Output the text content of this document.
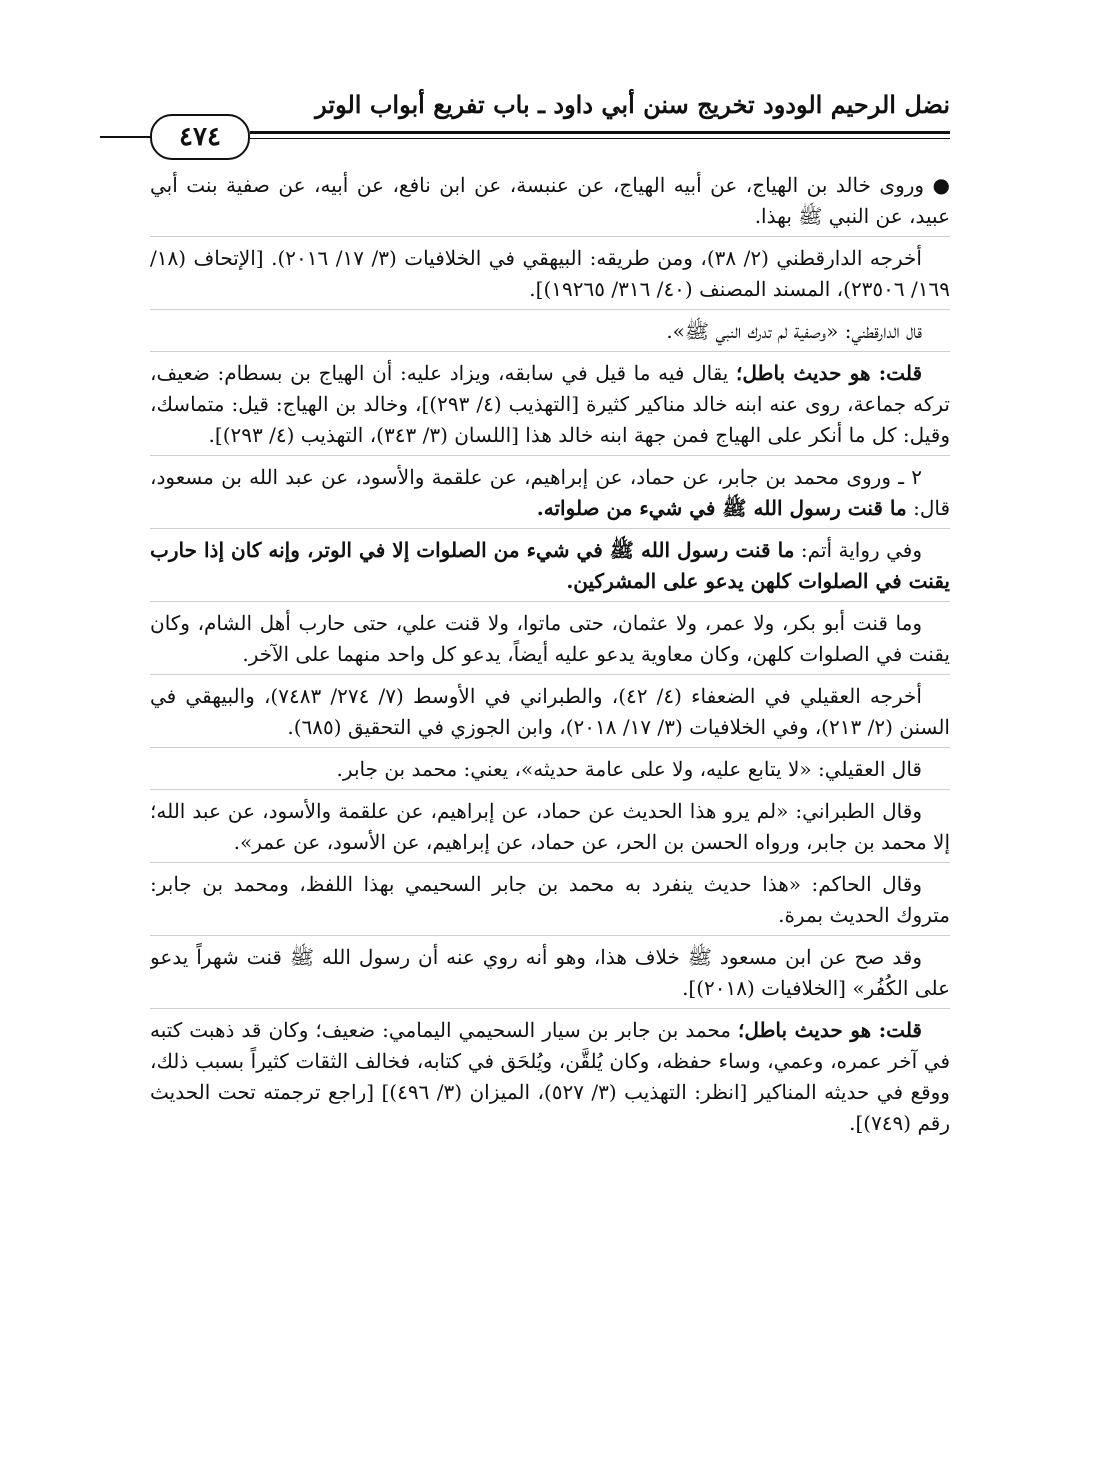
نضل الرحيم الودود تخريج سنن أبي داود ـ باب تفريع أبواب الوتر
٤٧٤

● وروى خالد بن الهياج، عن أبيه الهياج، عن عنبسة، عن ابن نافع، عن أبيه، عن صفية بنت أبي عبيد، عن النبي ﷺ بهذا.

أخرجه الدارقطني (٢/ ٣٨)، ومن طريقه: البيهقي في الخلافيات (٣/ ١٧/ ٢٠١٦). [الإتحاف (١٨/ ١٦٩/ ٢٣٥٠٦)، المسند المصنف (٤٠/ ٣١٦/ ١٩٢٦٥)].

قال الدارقطني: «وصفية لم تدرك النبي ﷺ».

قلت: هو حديث باطل؛ يقال فيه ما قيل في سابقه، ويزاد عليه: أن الهياج بن بسطام: ضعيف، تركه جماعة، روى عنه ابنه خالد مناكير كثيرة [التهذيب (٤/ ٢٩٣)]، وخالد بن الهياج: قيل: متماسك، وقيل: كل ما أنكر على الهياج فمن جهة ابنه خالد هذا [اللسان (٣/ ٣٤٣)، التهذيب (٤/ ٢٩٣)].

٢ ـ وروى محمد بن جابر، عن حماد، عن إبراهيم، عن علقمة والأسود، عن عبد الله بن مسعود، قال: ما قنت رسول الله ﷺ في شيء من صلواته.

وفي رواية أتم: ما قنت رسول الله ﷺ في شيء من الصلوات إلا في الوتر، وإنه كان إذا حارب يقنت في الصلوات كلهن يدعو على المشركين.

وما قنت أبو بكر، ولا عمر، ولا عثمان، حتى ماتوا، ولا قنت علي، حتى حارب أهل الشام، وكان يقنت في الصلوات كلهن، وكان معاوية يدعو عليه أيضاً، يدعو كل واحد منهما على الآخر.

أخرجه العقيلي في الضعفاء (٤/ ٤٢)، والطبراني في الأوسط (٧/ ٢٧٤/ ٧٤٨٣)، والبيهقي في السنن (٢/ ٢١٣)، وفي الخلافيات (٣/ ١٧/ ٢٠١٨)، وابن الجوزي في التحقيق (٦٨٥).

قال العقيلي: «لا يتابع عليه، ولا على عامة حديثه»، يعني: محمد بن جابر.

وقال الطبراني: «لم يرو هذا الحديث عن حماد، عن إبراهيم، عن علقمة والأسود، عن عبد الله؛ إلا محمد بن جابر، ورواه الحسن بن الحر، عن حماد، عن إبراهيم، عن الأسود، عن عمر».

وقال الحاكم: «هذا حديث ينفرد به محمد بن جابر السحيمي بهذا اللفظ، ومحمد بن جابر: متروك الحديث بمرة.

وقد صح عن ابن مسعود ﷺ خلاف هذا، وهو أنه روي عنه أن رسول الله ﷺ قنت شهراً يدعو على الكُفُر» [الخلافيات (٢٠١٨)].

قلت: هو حديث باطل؛ محمد بن جابر بن سيار السحيمي اليمامي: ضعيف؛ وكان قد ذهبت كتبه في آخر عمره، وعمي، وساء حفظه، وكان يُلقَّن، ويُلحَق في كتابه، فخالف الثقات كثيراً بسبب ذلك، ووقع في حديثه المناكير [انظر: التهذيب (٣/ ٥٢٧)، الميزان (٣/ ٤٩٦)] [راجع ترجمته تحت الحديث رقم (٧٤٩)].
